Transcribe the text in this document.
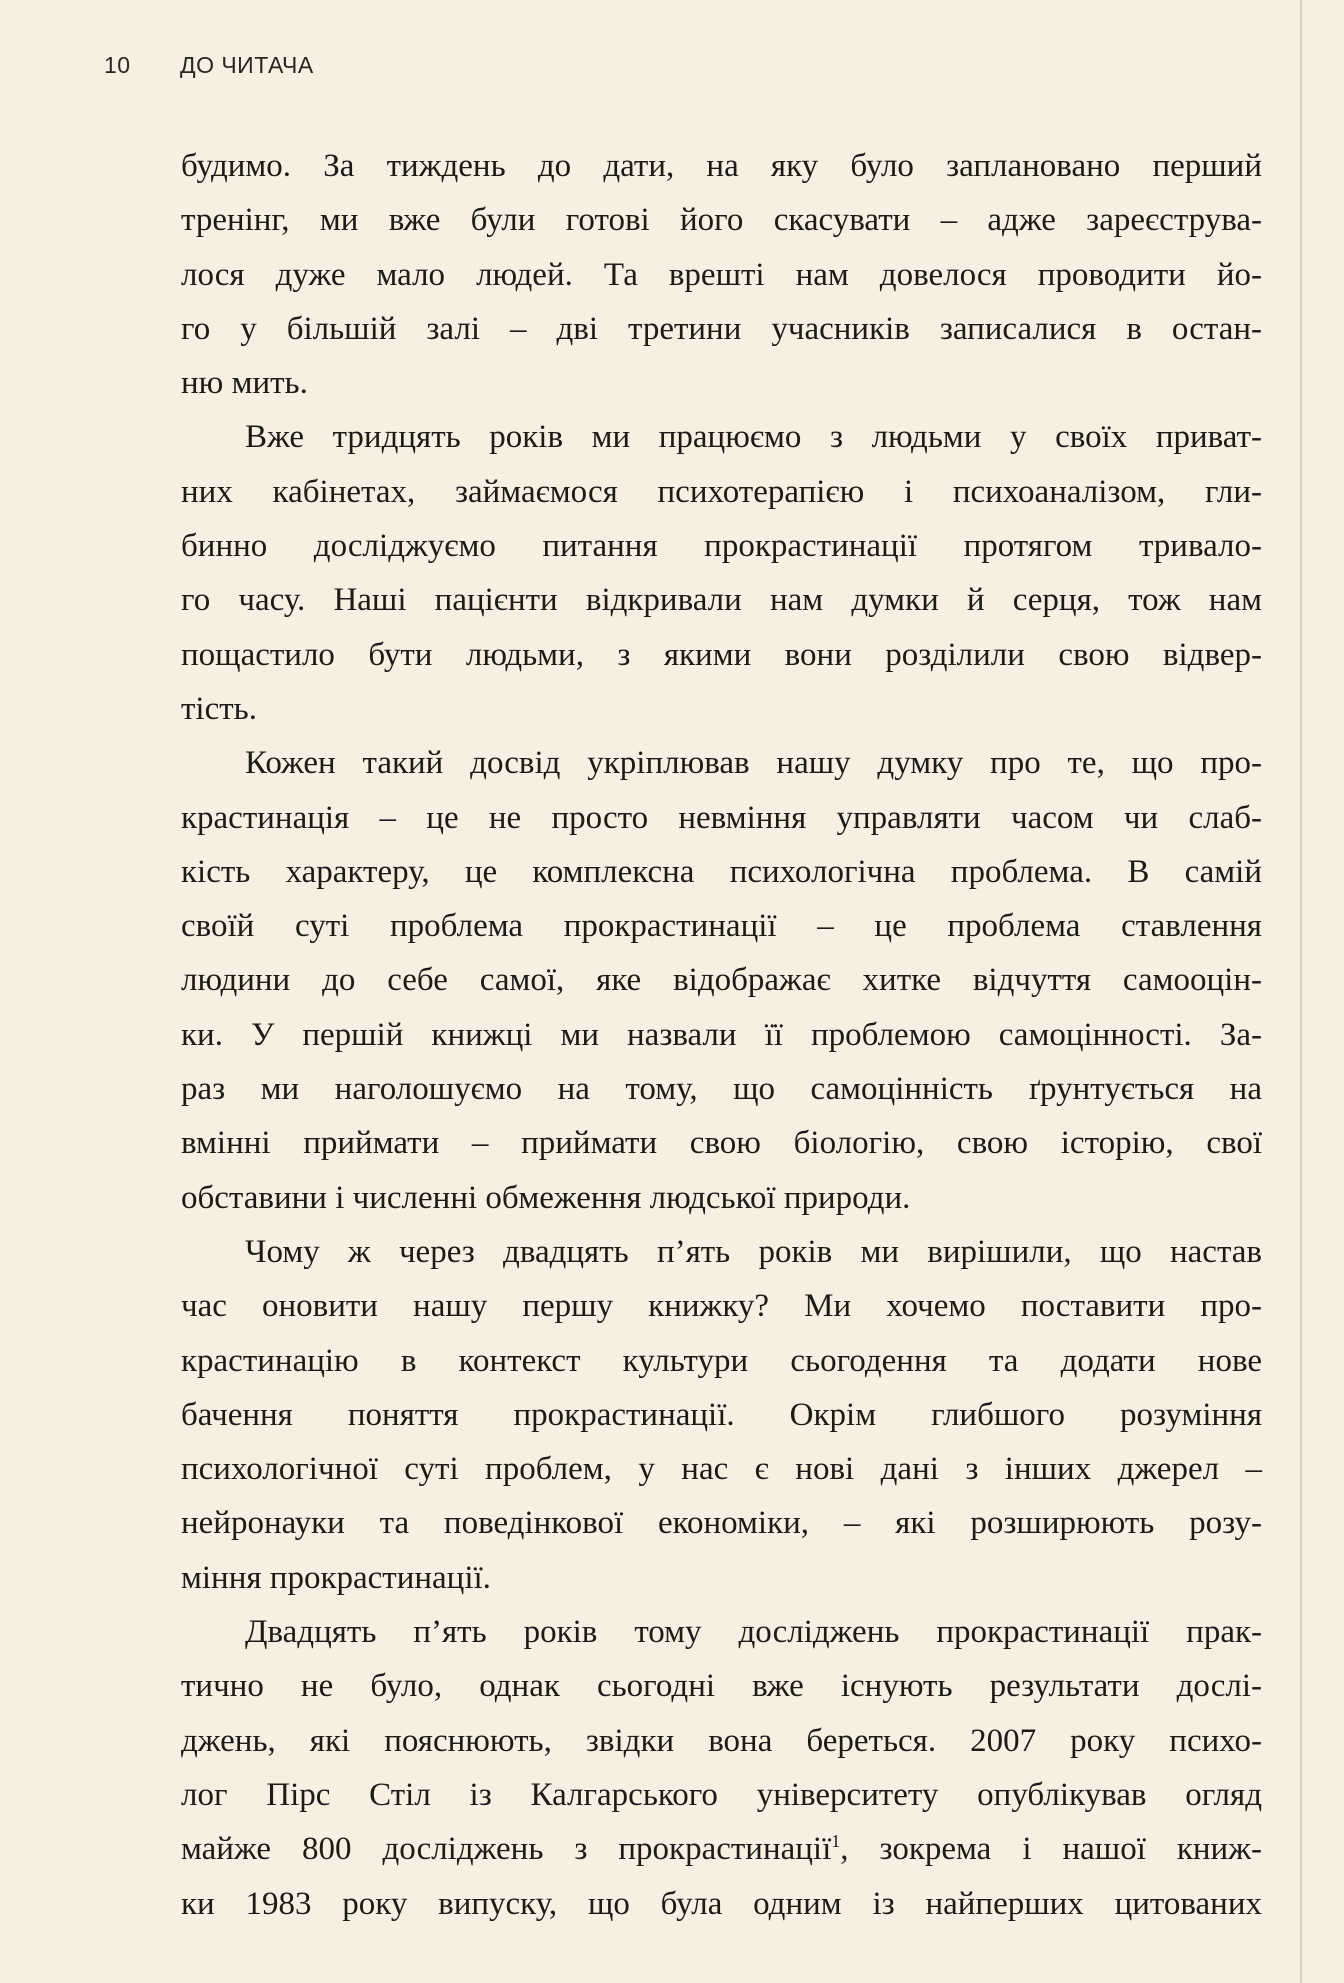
10 ДО ЧИТАЧА
будимо. За тиждень до дати, на яку було заплановано перший
тренінг, ми вже були готові його скасувати – адже зареєструва-
лося дуже мало людей. Та врешті нам довелося проводити йо-
го у більшій залі – дві третини учасників записалися в остан-
ню мить.
Вже тридцять років ми працюємо з людьми у своїх приват-
них кабінетах, займаємося психотерапією і психоаналізом, гли-
бинно досліджуємо питання прокрастинації протягом тривало-
го часу. Наші пацієнти відкривали нам думки й серця, тож нам
пощастило бути людьми, з якими вони розділили свою відвер-
тість.
Кожен такий досвід укріплював нашу думку про те, що про-
крастинація – це не просто невміння управляти часом чи слаб-
кість характеру, це комплексна психологічна проблема. В самій
своїй суті проблема прокрастинації – це проблема ставлення
людини до себе самої, яке відображає хитке відчуття самооцін-
ки. У першій книжці ми назвали її проблемою самоцінності. За-
раз ми наголошуємо на тому, що самоцінність ґрунтується на
вмінні приймати – приймати свою біологію, свою історію, свої
обставини і численні обмеження людської природи.
Чому ж через двадцять п’ять років ми вирішили, що настав
час оновити нашу першу книжку? Ми хочемо поставити про-
крастинацію в контекст культури сьогодення та додати нове
бачення поняття прокрастинації. Окрім глибшого розуміння
психологічної суті проблем, у нас є нові дані з інших джерел –
нейронауки та поведінкової економіки, – які розширюють розу-
міння прокрастинації.
Двадцять п’ять років тому досліджень прокрастинації прак-
тично не було, однак сьогодні вже існують результати дослі-
джень, які пояснюють, звідки вона береться. 2007 року психо-
лог Пірс Стіл із Калгарського університету опублікував огляд
майже 800 досліджень з прокрастинації$^1$, зокрема і нашої книж-
ки 1983 року випуску, що була одним із найперших цитованих
